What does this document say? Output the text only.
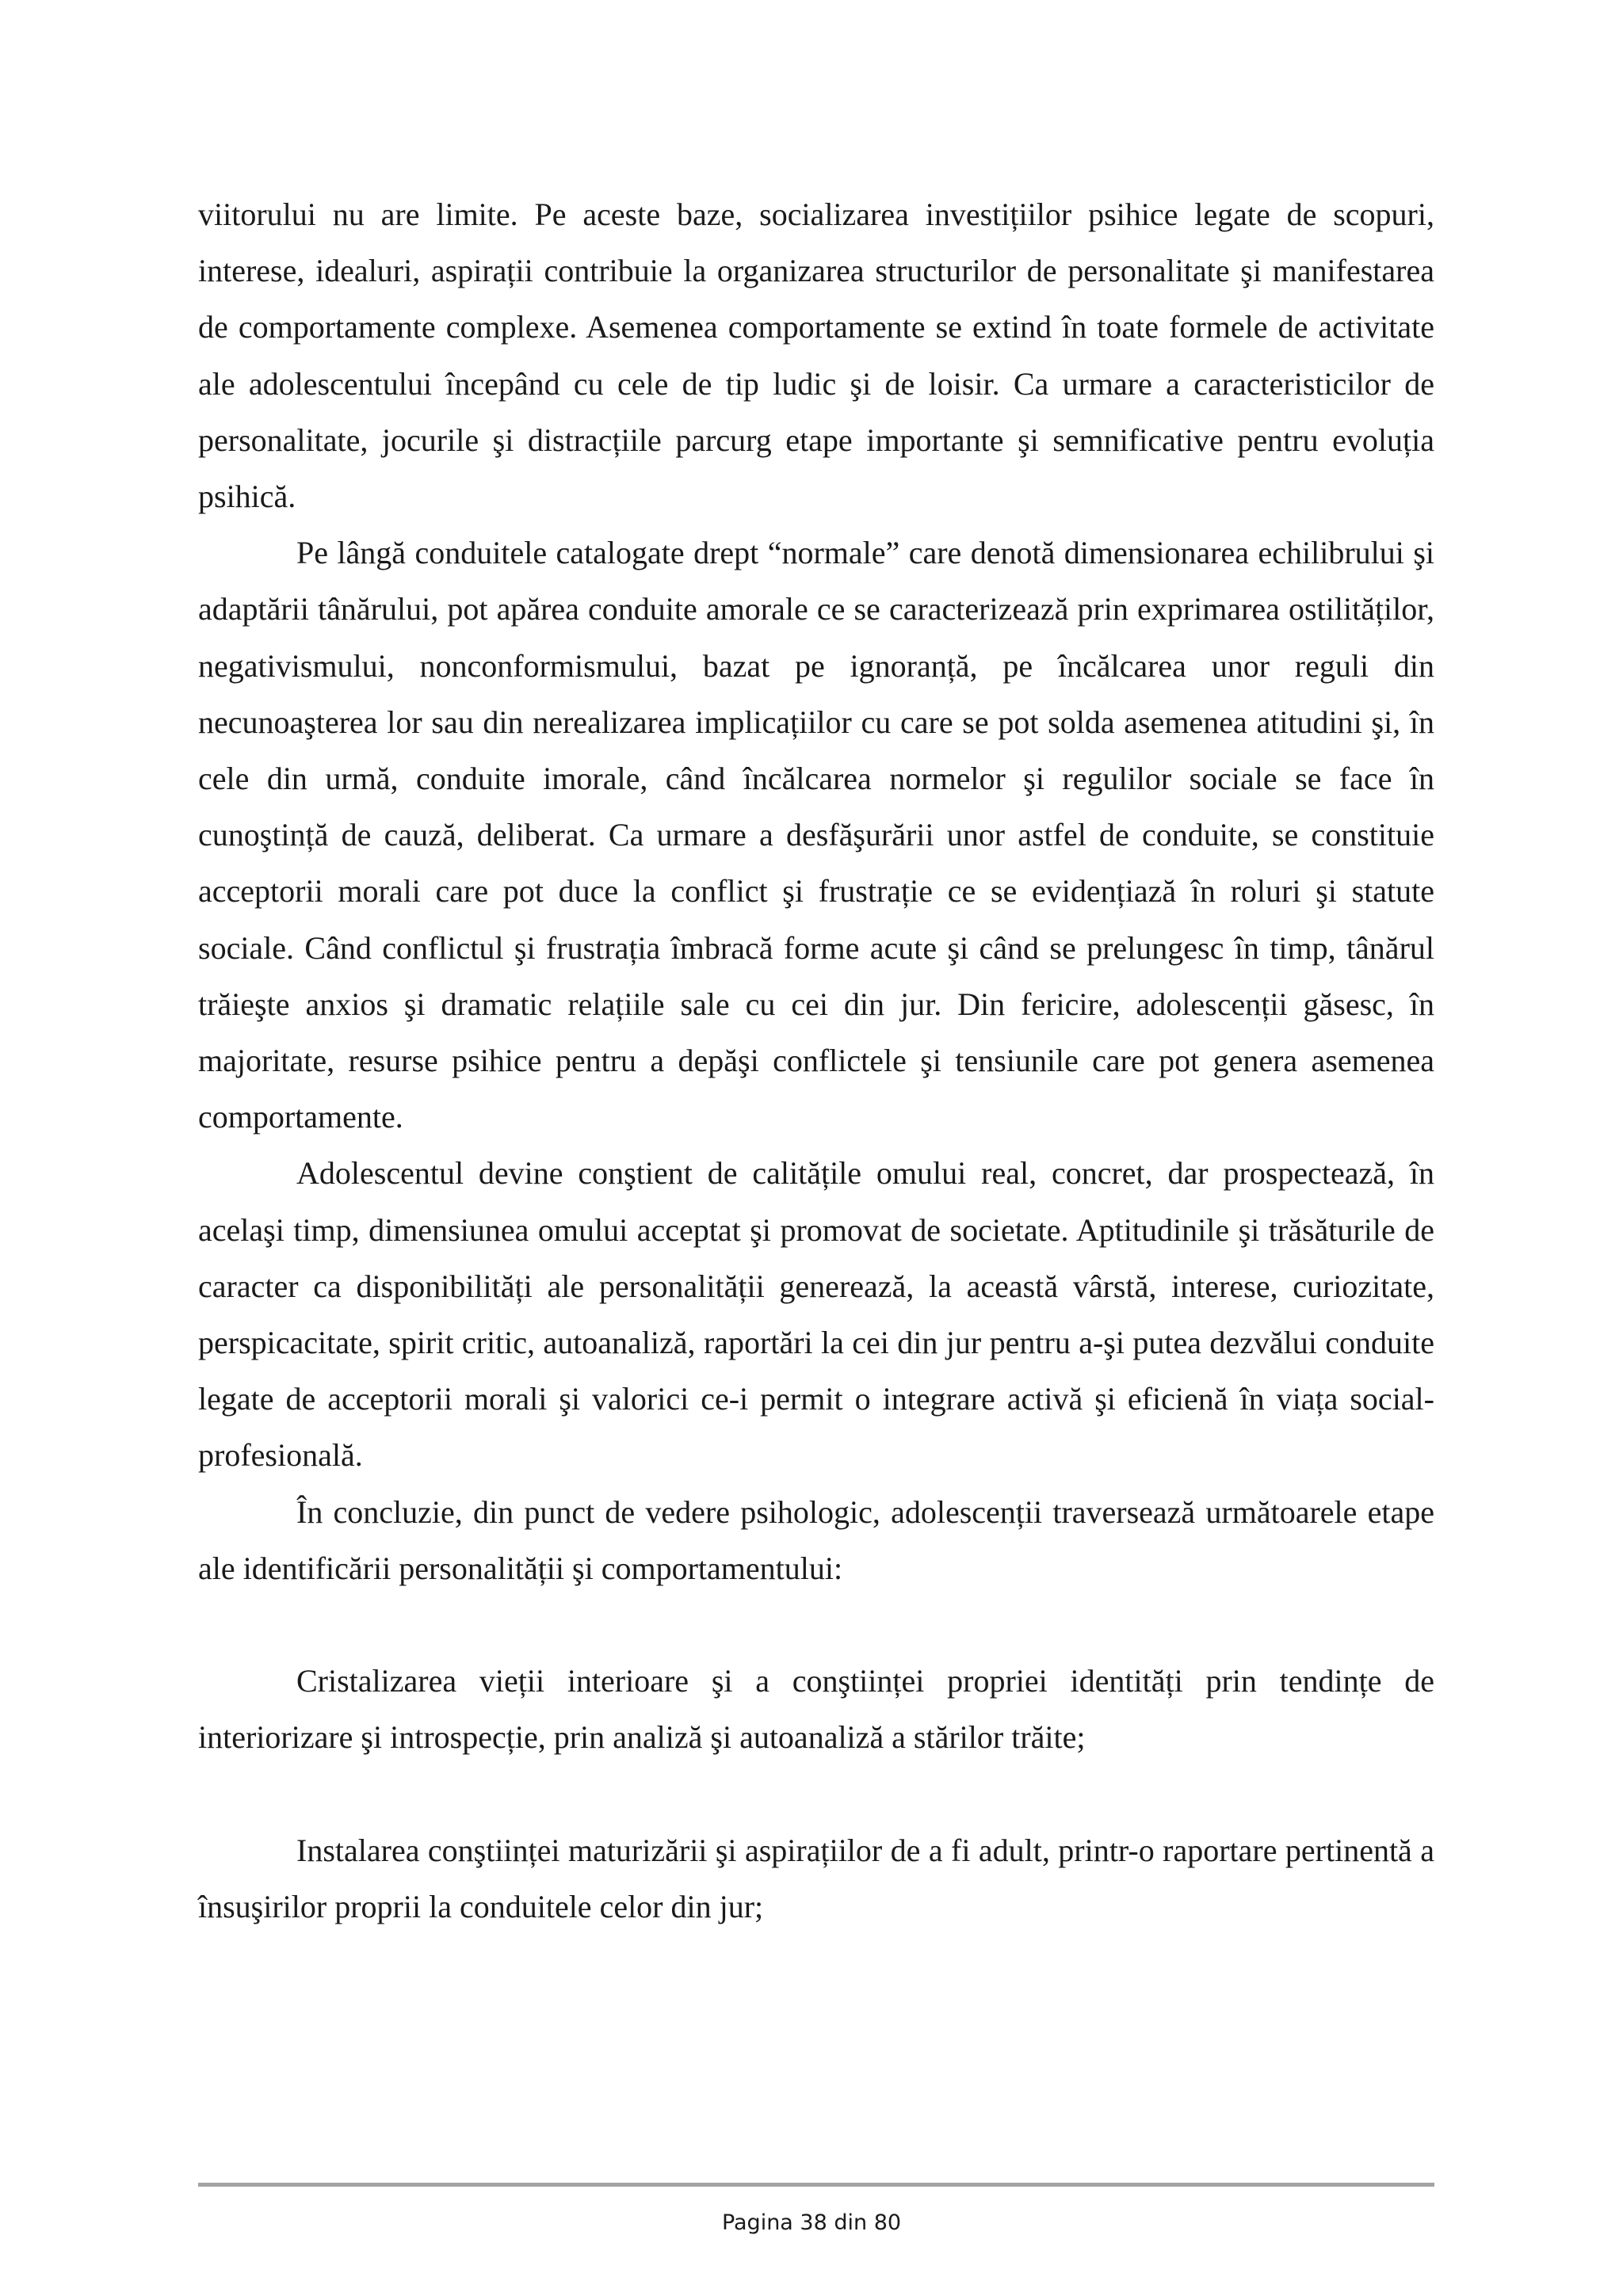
viitorului nu are limite. Pe aceste baze, socializarea investițiilor psihice legate de scopuri, interese, idealuri, aspirații contribuie la organizarea structurilor de personalitate şi manifestarea de comportamente complexe. Asemenea comportamente se extind în toate formele de activitate ale adolescentului începând cu cele de tip ludic şi de loisir. Ca urmare a caracteristicilor de personalitate, jocurile şi distracțiile parcurg etape importante şi semnificative pentru evoluția psihică.

Pe lângă conduitele catalogate drept “normale” care denotă dimensionarea echilibrului şi adaptării tânărului, pot apărea conduite amorale ce se caracterizează prin exprimarea ostilităților, negativismului, nonconformismului, bazat pe ignoranță, pe încălcarea unor reguli din necunoaşterea lor sau din nerealizarea implicațiilor cu care se pot solda asemenea atitudini şi, în cele din urmă, conduite imorale, când încălcarea normelor şi regulilor sociale se face în cunoştință de cauză, deliberat. Ca urmare a desfăşurării unor astfel de conduite, se constituie acceptorii morali care pot duce la conflict şi frustrație ce se evidențiază în roluri şi statute sociale. Când conflictul şi frustrația îmbracă forme acute şi când se prelungesc în timp, tânărul trăieşte anxios şi dramatic relațiile sale cu cei din jur. Din fericire, adolescenții găsesc, în majoritate, resurse psihice pentru a depăşi conflictele şi tensiunile care pot genera asemenea comportamente.

Adolescentul devine conştient de calitățile omului real, concret, dar prospectează, în acelaşi timp, dimensiunea omului acceptat şi promovat de societate. Aptitudinile şi trăsăturile de caracter ca disponibilități ale personalității generează, la această vârstă, interese, curiozitate, perspicacitate, spirit critic, autoanaliză, raportări la cei din jur pentru a-şi putea dezvălui conduite legate de acceptorii morali şi valorici ce-i permit o integrare activă şi eficienă în viața social- profesională.

În concluzie, din punct de vedere psihologic, adolescenții traversează următoarele etape ale identificării personalității şi comportamentului:

Cristalizarea vieții interioare şi a conştiinței propriei identități prin tendințe de interiorizare şi introspecție, prin analiză şi autoanaliză a stărilor trăite;

Instalarea conştiinței maturizării şi aspirațiilor de a fi adult, printr-o raportare pertinentă a însuşirilor proprii la conduitele celor din jur;

Pagina 38 din 80
